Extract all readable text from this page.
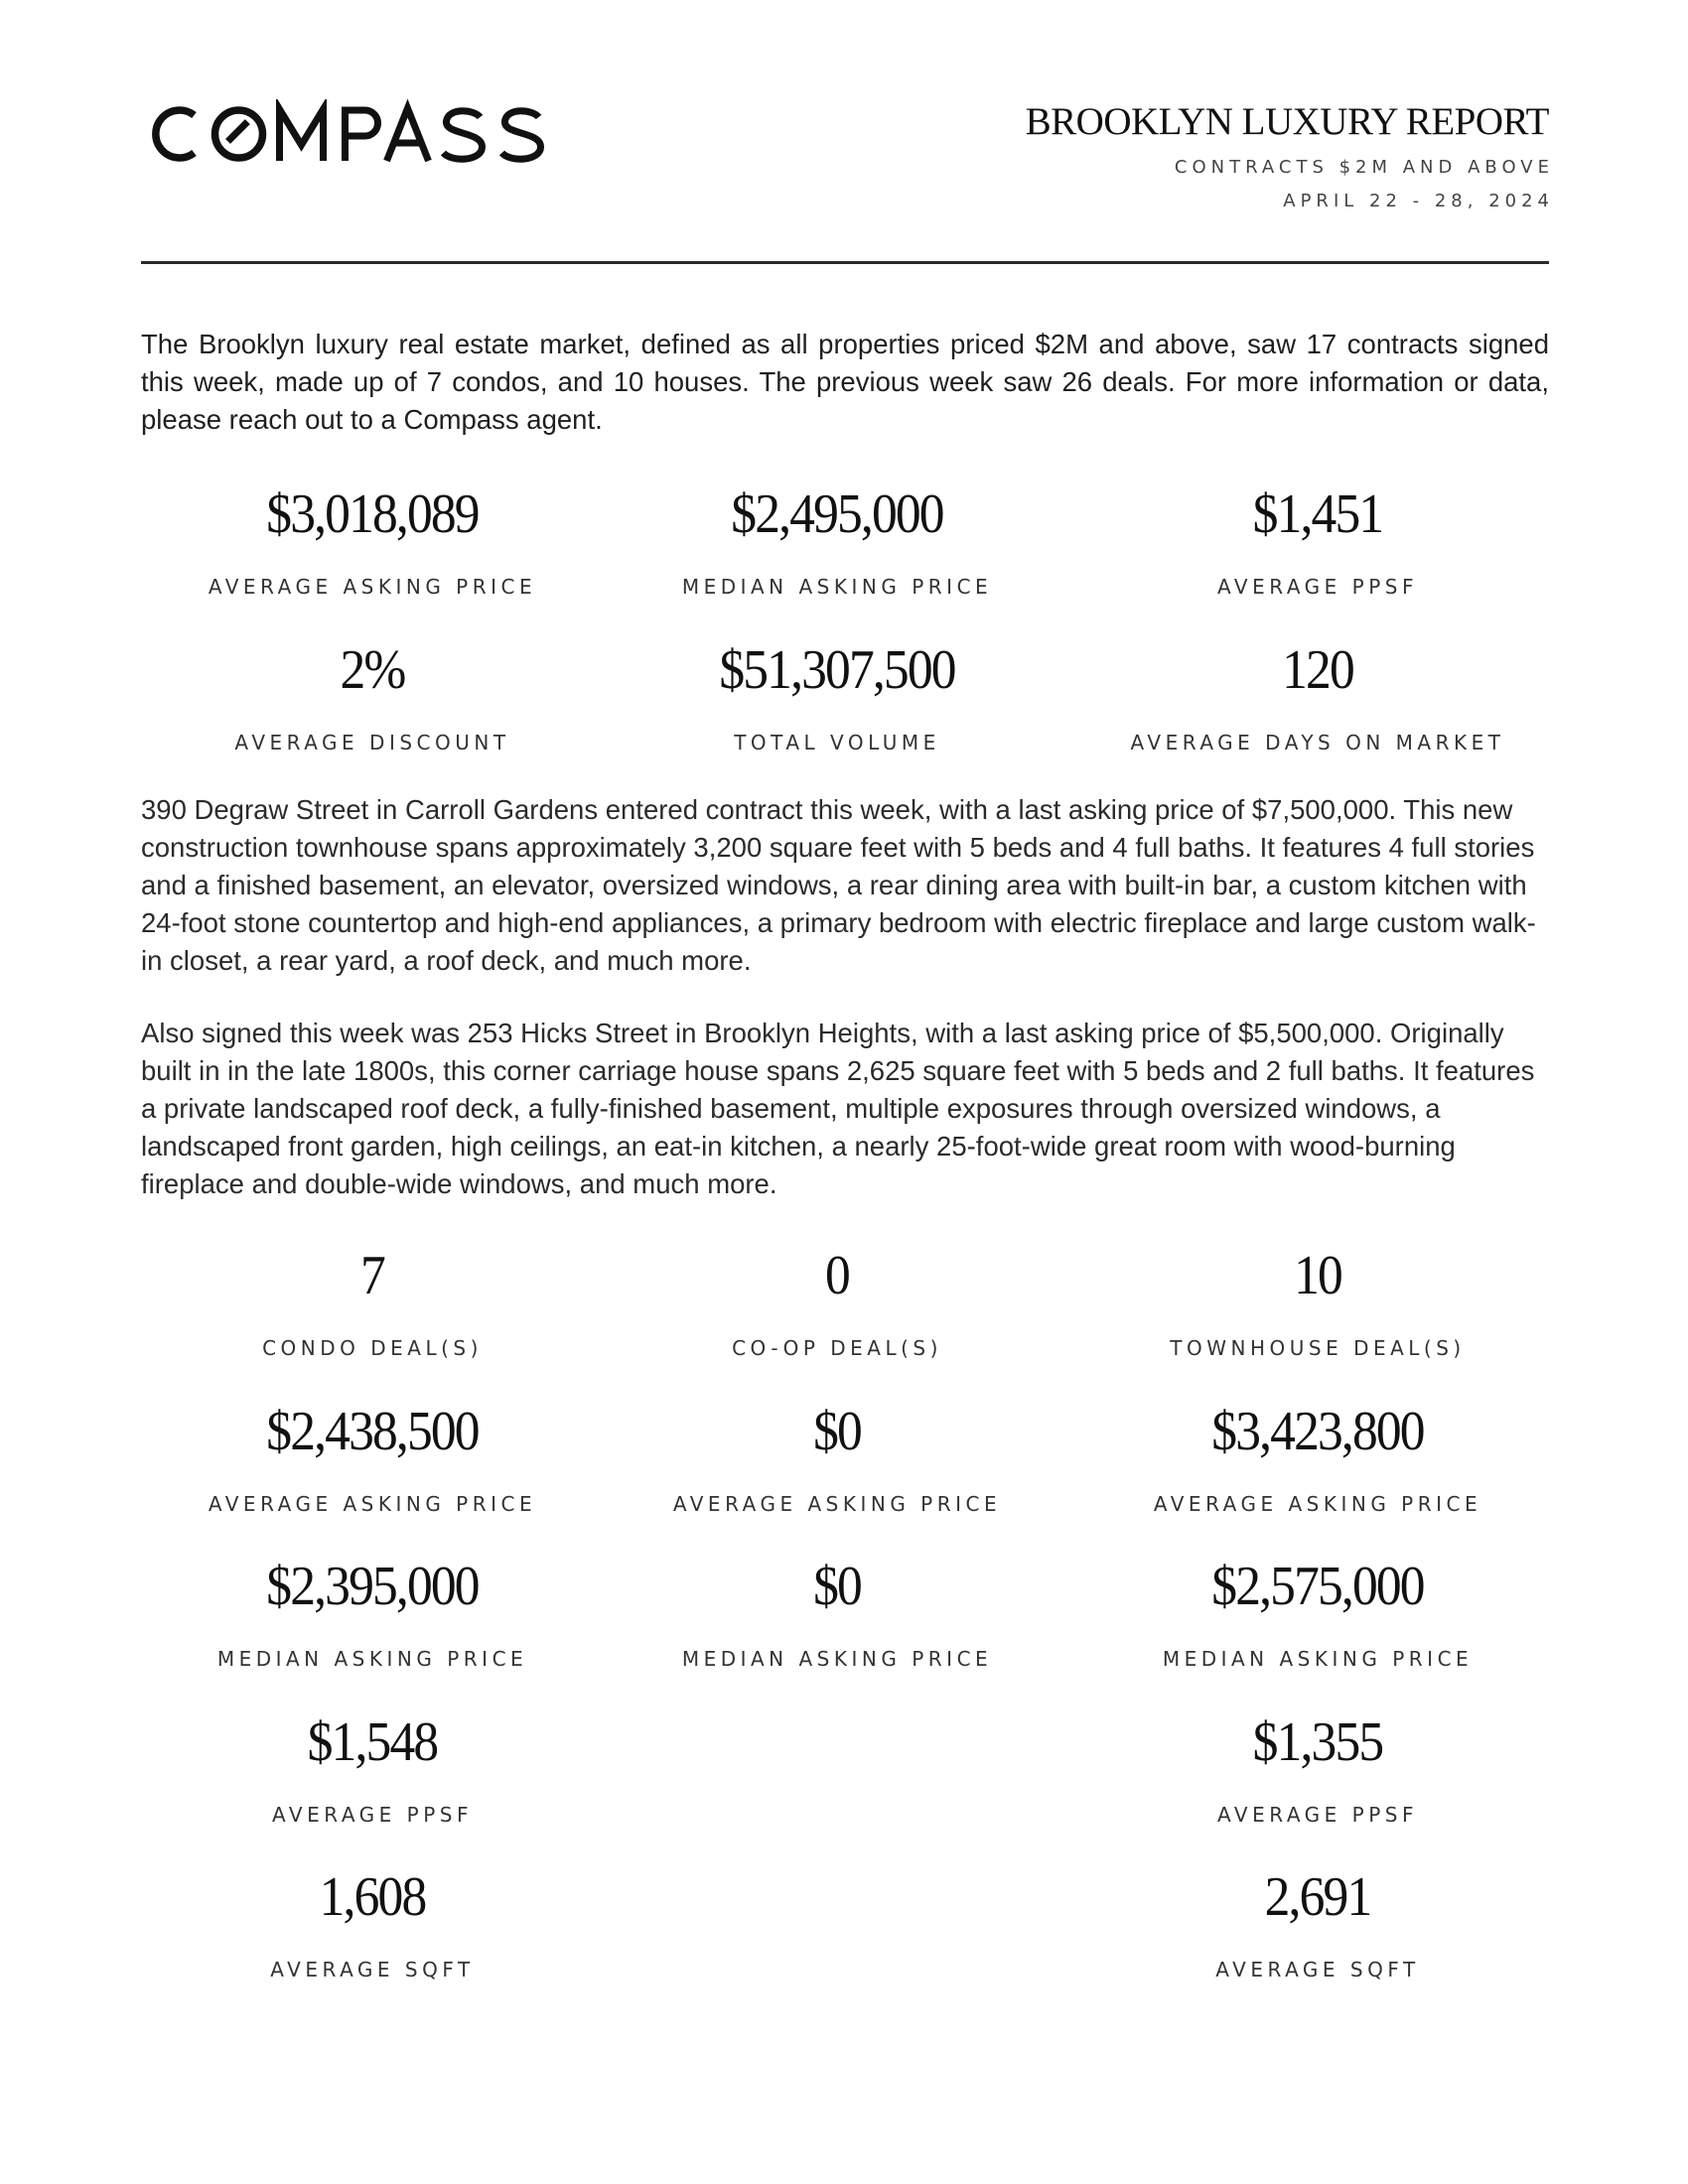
BROOKLYN LUXURY REPORT
CONTRACTS $2M AND ABOVE
APRIL 22 - 28, 2024
The Brooklyn luxury real estate market, defined as all properties priced $2M and above, saw 17 contracts signed this week, made up of 7 condos, and 10 houses. The previous week saw 26 deals. For more information or data, please reach out to a Compass agent.
$3,018,089
AVERAGE ASKING PRICE
$2,495,000
MEDIAN ASKING PRICE
$1,451
AVERAGE PPSF
2%
AVERAGE DISCOUNT
$51,307,500
TOTAL VOLUME
120
AVERAGE DAYS ON MARKET
390 Degraw Street in Carroll Gardens entered contract this week, with a last asking price of $7,500,000. This new construction townhouse spans approximately 3,200 square feet with 5 beds and 4 full baths. It features 4 full stories and a finished basement, an elevator, oversized windows, a rear dining area with built-in bar, a custom kitchen with 24-foot stone countertop and high-end appliances, a primary bedroom with electric fireplace and large custom walk-in closet, a rear yard, a roof deck, and much more.
Also signed this week was 253 Hicks Street in Brooklyn Heights, with a last asking price of $5,500,000. Originally built in in the late 1800s, this corner carriage house spans 2,625 square feet with 5 beds and 2 full baths. It features a private landscaped roof deck, a fully-finished basement, multiple exposures through oversized windows, a landscaped front garden, high ceilings, an eat-in kitchen, a nearly 25-foot-wide great room with wood-burning fireplace and double-wide windows, and much more.
7
CONDO DEAL(S)
$2,438,500
AVERAGE ASKING PRICE
$2,395,000
MEDIAN ASKING PRICE
$1,548
AVERAGE PPSF
1,608
AVERAGE SQFT
0
CO-OP DEAL(S)
$0
AVERAGE ASKING PRICE
$0
MEDIAN ASKING PRICE
10
TOWNHOUSE DEAL(S)
$3,423,800
AVERAGE ASKING PRICE
$2,575,000
MEDIAN ASKING PRICE
$1,355
AVERAGE PPSF
2,691
AVERAGE SQFT
